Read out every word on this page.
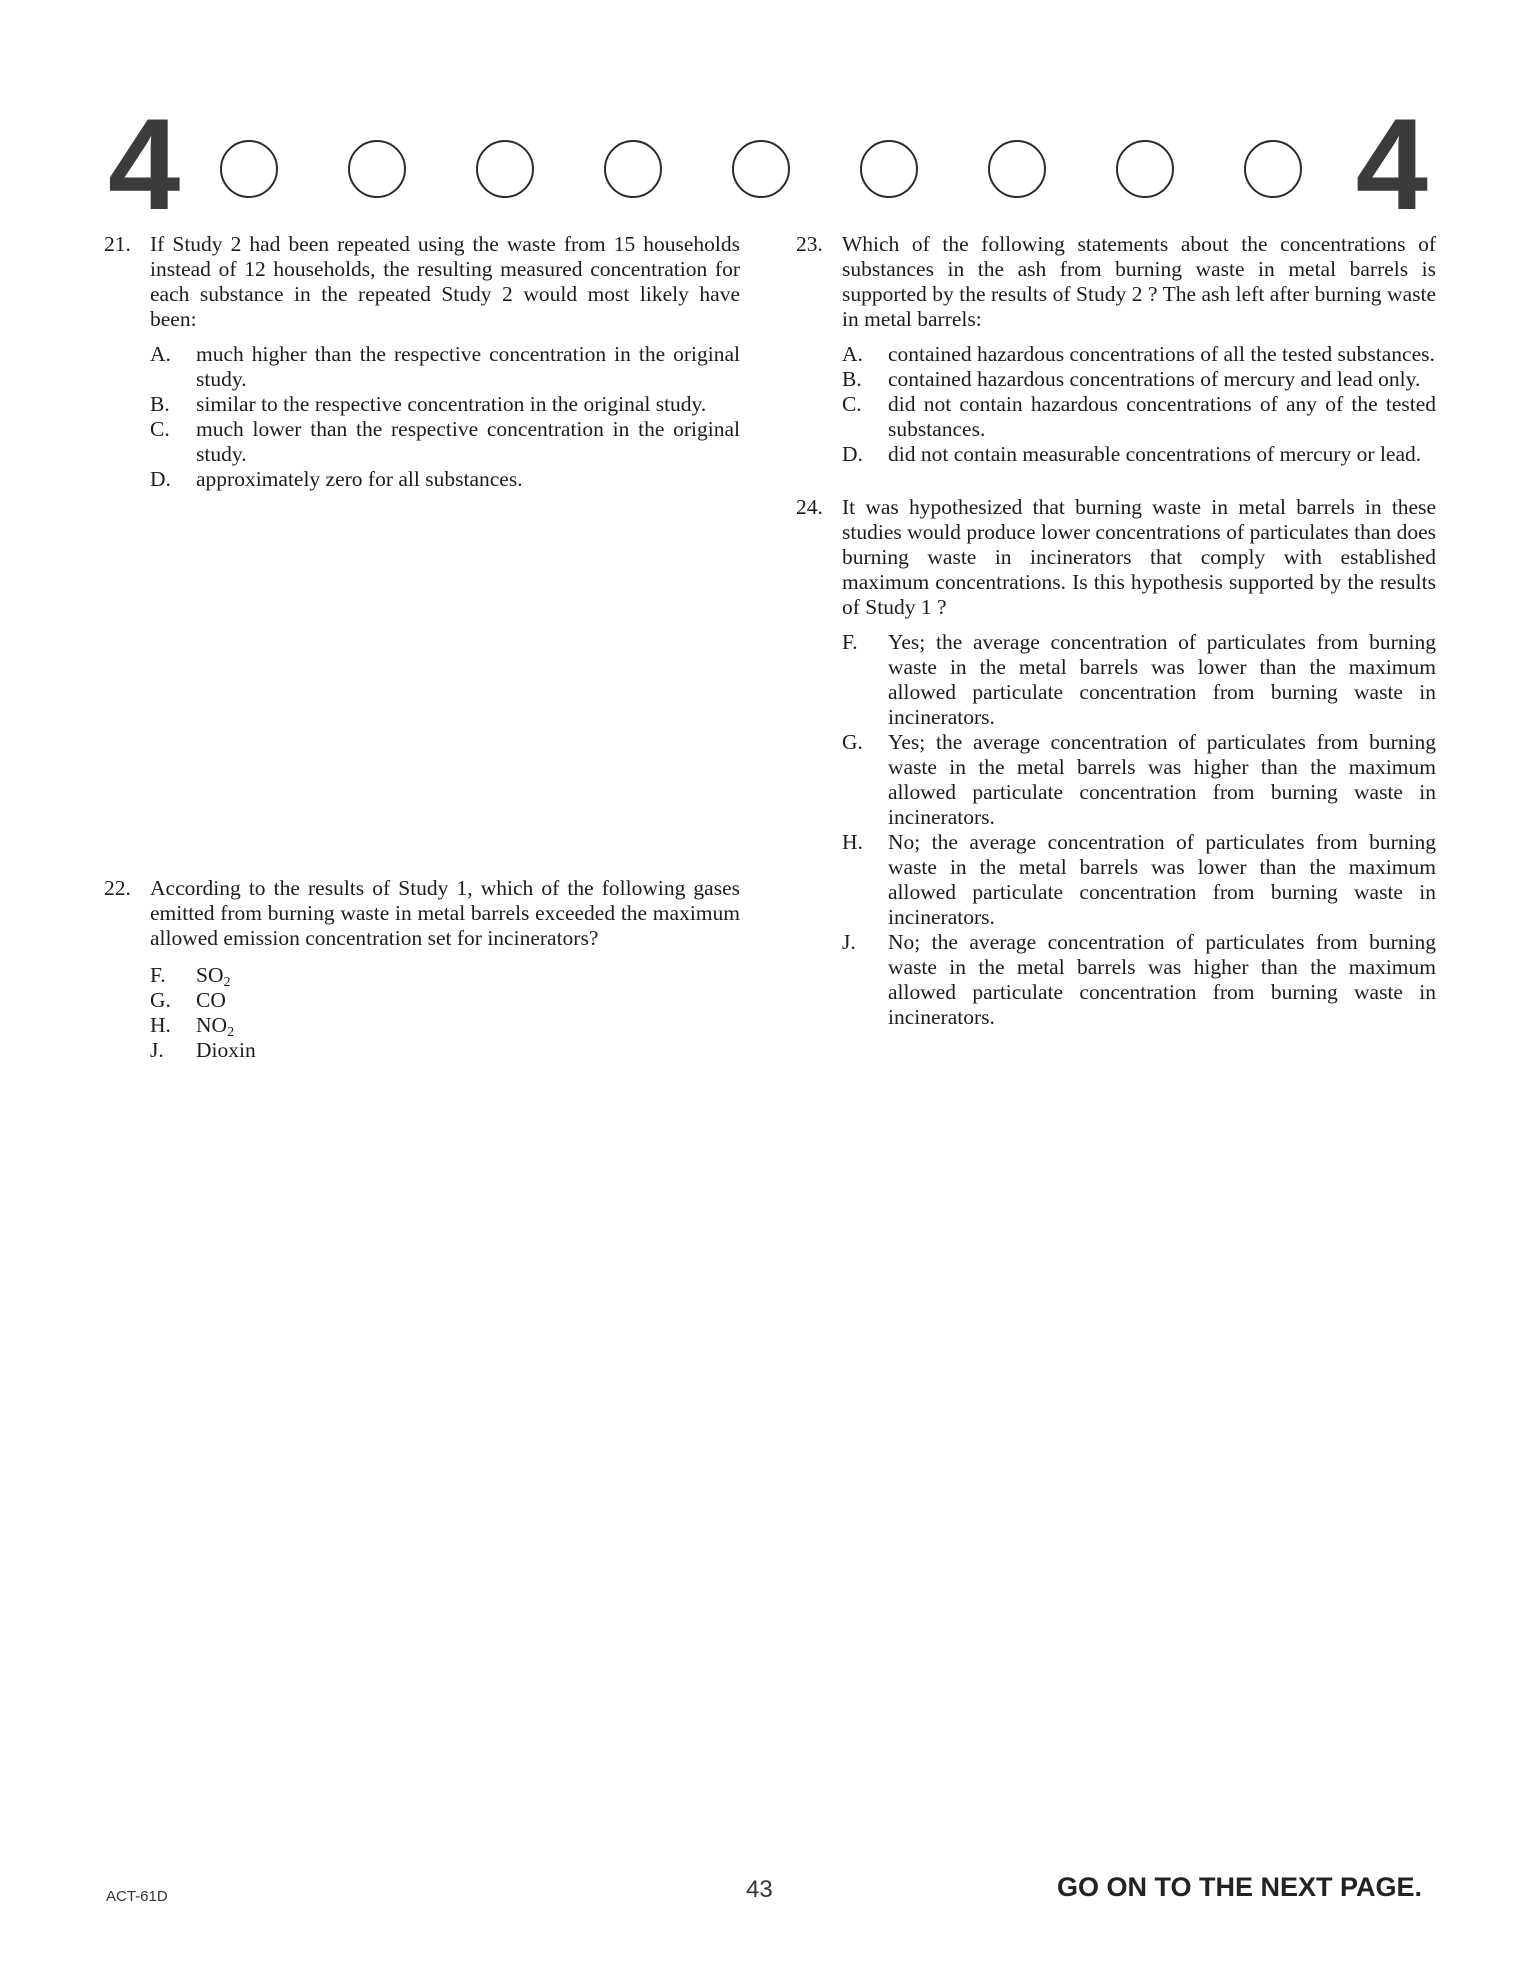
4	4
21. If Study 2 had been repeated using the waste from 15 households instead of 12 households, the resulting measured concentration for each substance in the repeated Study 2 would most likely have been:
A. much higher than the respective concentration in the original study.
B. similar to the respective concentration in the original study.
C. much lower than the respective concentration in the original study.
D. approximately zero for all substances.
22. According to the results of Study 1, which of the following gases emitted from burning waste in metal barrels exceeded the maximum allowed emission concentration set for incinerators?
F. $SO_2$
G. CO
H. $NO_2$
J. Dioxin
23. Which of the following statements about the concentrations of substances in the ash from burning waste in metal barrels is supported by the results of Study 2 ? The ash left after burning waste in metal barrels:
A. contained hazardous concentrations of all the tested substances.
B. contained hazardous concentrations of mercury and lead only.
C. did not contain hazardous concentrations of any of the tested substances.
D. did not contain measurable concentrations of mercury or lead.
24. It was hypothesized that burning waste in metal barrels in these studies would produce lower concentrations of particulates than does burning waste in incinerators that comply with established maximum concentrations. Is this hypothesis supported by the results of Study 1 ?
F. Yes; the average concentration of particulates from burning waste in the metal barrels was lower than the maximum allowed particulate concentration from burning waste in incinerators.
G. Yes; the average concentration of particulates from burning waste in the metal barrels was higher than the maximum allowed particulate concentration from burning waste in incinerators.
H. No; the average concentration of particulates from burning waste in the metal barrels was lower than the maximum allowed particulate concentration from burning waste in incinerators.
J. No; the average concentration of particulates from burning waste in the metal barrels was higher than the maximum allowed particulate concentration from burning waste in incinerators.
ACT-61D	43	GO ON TO THE NEXT PAGE.
